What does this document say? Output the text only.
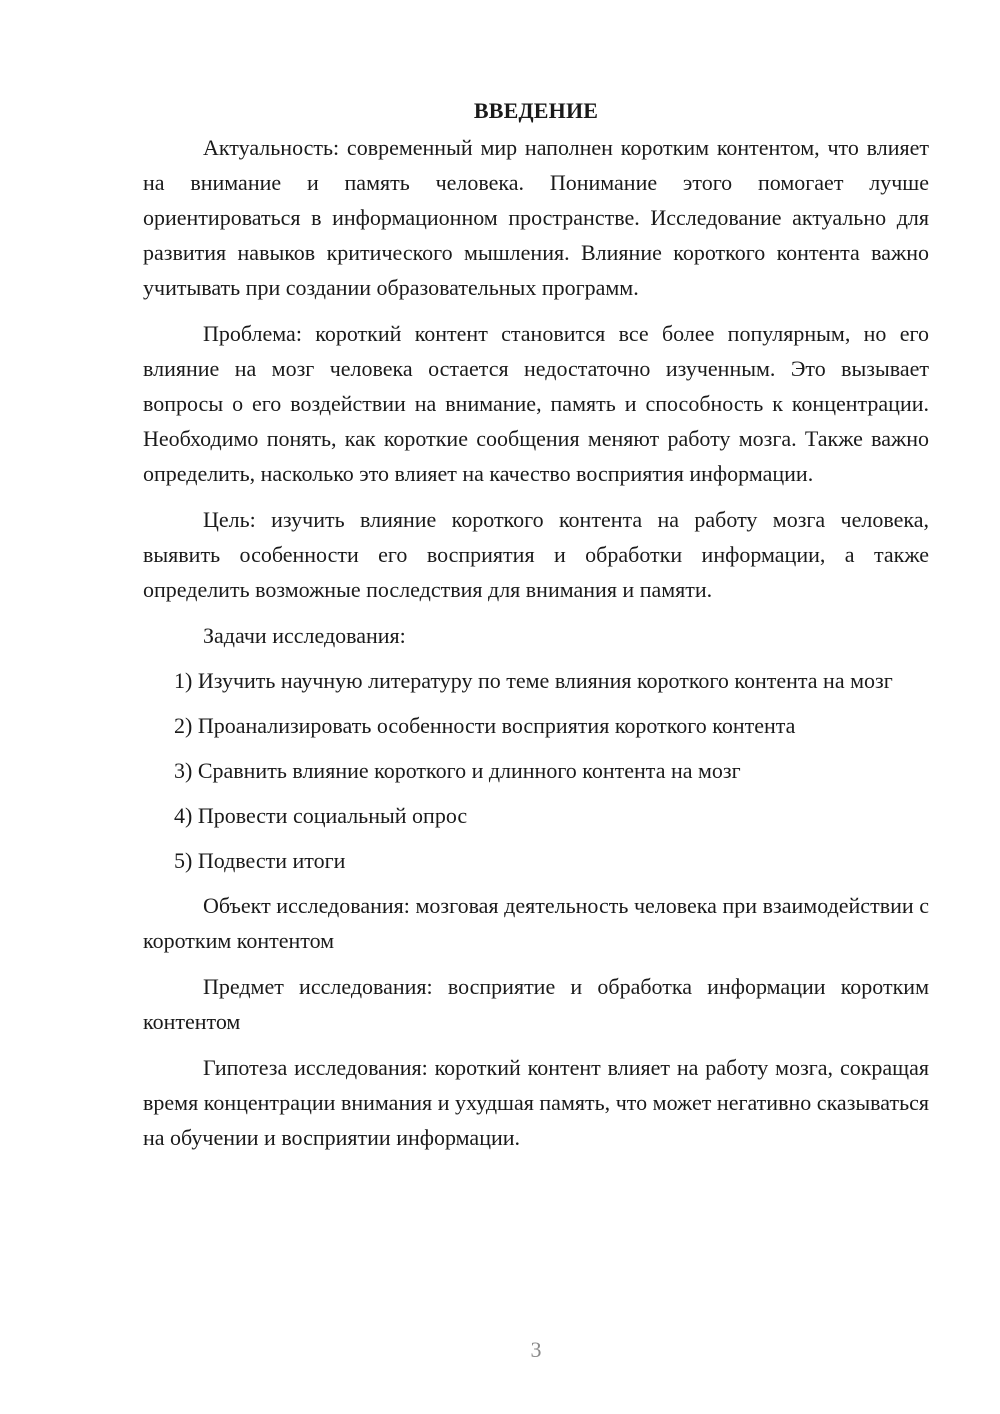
ВВЕДЕНИЕ

Актуальность: современный мир наполнен коротким контентом, что влияет на внимание и память человека. Понимание этого помогает лучше ориентироваться в информационном пространстве. Исследование актуально для развития навыков критического мышления. Влияние короткого контента важно учитывать при создании образовательных программ.

Проблема: короткий контент становится все более популярным, но его влияние на мозг человека остается недостаточно изученным. Это вызывает вопросы о его воздействии на внимание, память и способность к концентрации. Необходимо понять, как короткие сообщения меняют работу мозга. Также важно определить, насколько это влияет на качество восприятия информации.

Цель: изучить влияние короткого контента на работу мозга человека, выявить особенности его восприятия и обработки информации, а также определить возможные последствия для внимания и памяти.

Задачи исследования:

1) Изучить научную литературу по теме влияния короткого контента на мозг
2) Проанализировать особенности восприятия короткого контента
3) Сравнить влияние короткого и длинного контента на мозг
4) Провести социальный опрос
5) Подвести итоги

Объект исследования: мозговая деятельность человека при взаимодействии с коротким контентом

Предмет исследования: восприятие и обработка информации коротким контентом

Гипотеза исследования: короткий контент влияет на работу мозга, сокращая время концентрации внимания и ухудшая память, что может негативно сказываться на обучении и восприятии информации.

3
